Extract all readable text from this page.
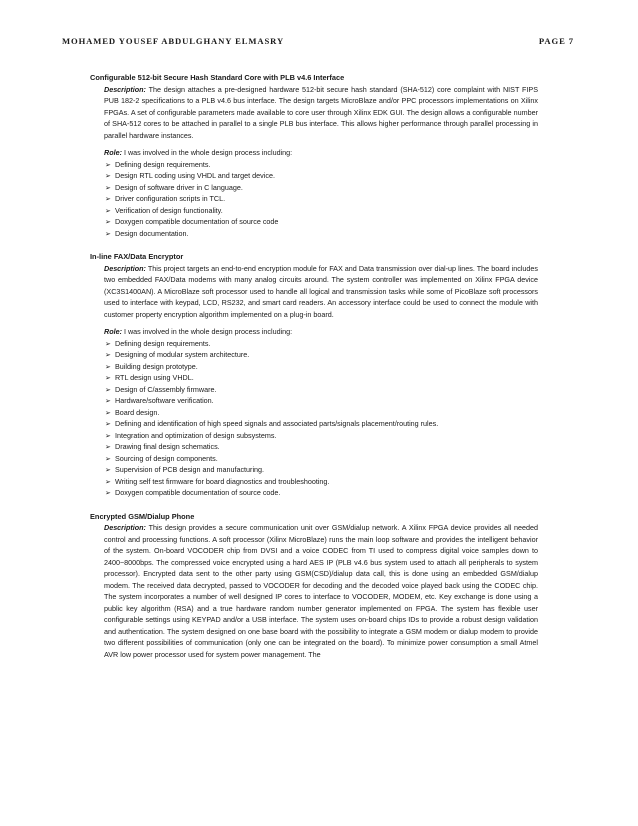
MOHAMED YOUSEF ABDULGHANY ELMASRY	PAGE 7

Configurable 512-bit Secure Hash Standard Core with PLB v4.6 Interface

Description: The design attaches a pre-designed hardware 512-bit secure hash standard (SHA-512) core complaint with NIST FIPS PUB 182-2 specifications to a PLB v4.6 bus interface. The design targets MicroBlaze and/or PPC processors implementations on Xilinx FPGAs. A set of configurable parameters made available to core user through Xilinx EDK GUI. The design allows a configurable number of SHA-512 cores to be attached in parallel to a single PLB bus interface. This allows higher performance through parallel processing in parallel hardware instances.

Role: I was involved in the whole design process including:

➢ Defining design requirements.
➢ Design RTL coding using VHDL and target device.
➢ Design of software driver in C language.
➢ Driver configuration scripts in TCL.
➢ Verification of design functionality.
➢ Doxygen compatible documentation of source code
➢ Design documentation.

In-line FAX/Data Encryptor

Description: This project targets an end-to-end encryption module for FAX and Data transmission over dial-up lines. The board includes two embedded FAX/Data modems with many analog circuits around. The system controller was implemented on Xilinx FPGA device (XC3S1400AN). A MicroBlaze soft processor used to handle all logical and transmission tasks while some of PicoBlaze soft processors used to interface with keypad, LCD, RS232, and smart card readers. An accessory interface could be used to connect the module with customer property encryption algorithm implemented on a plug-in board.

Role: I was involved in the whole design process including:

➢ Defining design requirements.
➢ Designing of modular system architecture.
➢ Building design prototype.
➢ RTL design using VHDL.
➢ Design of C/assembly firmware.
➢ Hardware/software verification.
➢ Board design.
➢ Defining and identification of high speed signals and associated parts/signals placement/routing rules.
➢ Integration and optimization of design subsystems.
➢ Drawing final design schematics.
➢ Sourcing of design components.
➢ Supervision of PCB design and manufacturing.
➢ Writing self test firmware for board diagnostics and troubleshooting.
➢ Doxygen compatible documentation of source code.

Encrypted GSM/Dialup Phone

Description: This design provides a secure communication unit over GSM/dialup network. A Xilinx FPGA device provides all needed control and processing functions. A soft processor (Xilinx MicroBlaze) runs the main loop software and provides the intelligent behavior of the system. On-board VOCODER chip from DVSI and a voice CODEC from TI used to compress digital voice samples down to 2400~8000bps. The compressed voice encrypted using a hard AES IP (PLB v4.6 bus system used to attach all peripherals to system processor). Encrypted data sent to the other party using GSM(CSD)/dialup data call, this is done using an embedded GSM/dialup modem. The received data decrypted, passed to VOCODER for decoding and the decoded voice played back using the CODEC chip. The system incorporates a number of well designed IP cores to interface to VOCODER, MODEM, etc. Key exchange is done using a public key algorithm (RSA) and a true hardware random number generator implemented on FPGA. The system has flexible user configurable settings using KEYPAD and/or a USB interface. The system uses on-board chips IDs to provide a robust design validation and authentication. The system designed on one base board with the possibility to integrate a GSM modem or dialup modem to provide two different possibilities of communication (only one can be integrated on the board). To minimize power consumption a small Atmel AVR low power processor used for system power management. The
